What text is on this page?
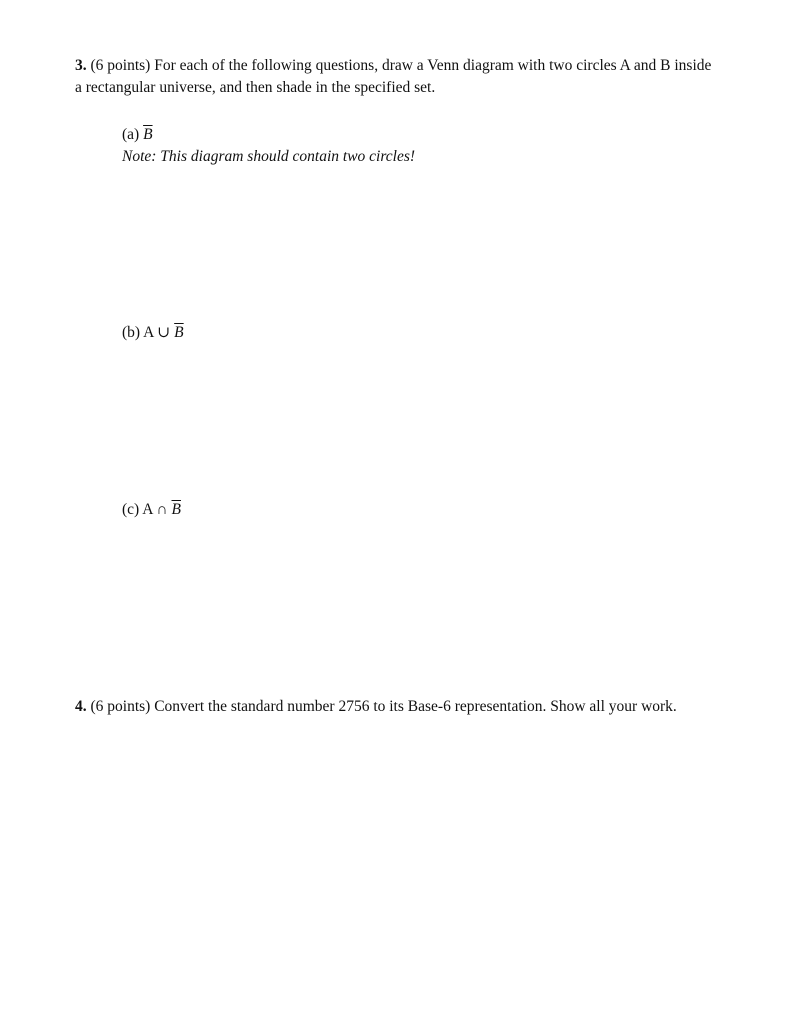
3. (6 points) For each of the following questions, draw a Venn diagram with two circles A and B inside
a rectangular universe, and then shade in the specified set.
(a) $\overline{B}$
Note: This diagram should contain two circles!
(b) A ∪ $\overline{B}$
(c) A ∩ $\overline{B}$
4. (6 points) Convert the standard number 2756 to its Base-6 representation. Show all your work.
